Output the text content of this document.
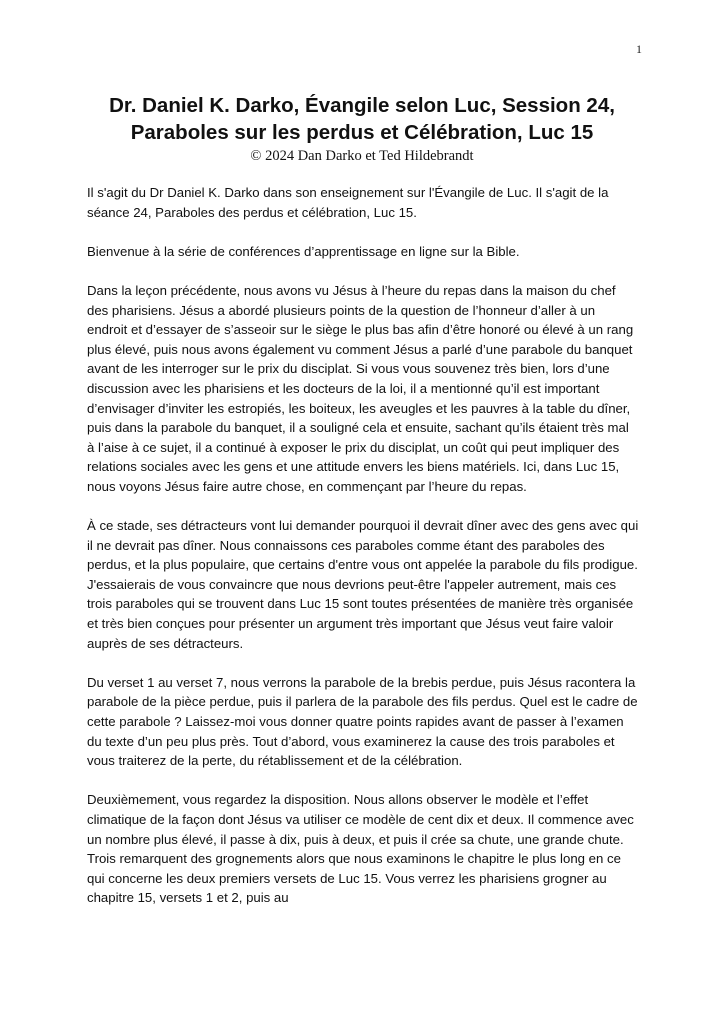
1
Dr. Daniel K. Darko, Évangile selon Luc, Session 24, Paraboles sur les perdus et Célébration, Luc 15

© 2024 Dan Darko et Ted Hildebrandt

Il s'agit du Dr Daniel K. Darko dans son enseignement sur l'Évangile de Luc. Il s'agit de la séance 24, Paraboles des perdus et célébration, Luc 15.

Bienvenue à la série de conférences d’apprentissage en ligne sur la Bible.

Dans la leçon précédente, nous avons vu Jésus à l’heure du repas dans la maison du chef des pharisiens. Jésus a abordé plusieurs points de la question de l’honneur d’aller à un endroit et d’essayer de s’asseoir sur le siège le plus bas afin d’être honoré ou élevé à un rang plus élevé, puis nous avons également vu comment Jésus a parlé d’une parabole du banquet avant de les interroger sur le prix du disciplat. Si vous vous souvenez très bien, lors d’une discussion avec les pharisiens et les docteurs de la loi, il a mentionné qu’il est important d’envisager d’inviter les estropiés, les boiteux, les aveugles et les pauvres à la table du dîner, puis dans la parabole du banquet, il a souligné cela et ensuite, sachant qu’ils étaient très mal à l’aise à ce sujet, il a continué à exposer le prix du disciplat, un coût qui peut impliquer des relations sociales avec les gens et une attitude envers les biens matériels. Ici, dans Luc 15, nous voyons Jésus faire autre chose, en commençant par l’heure du repas.

À ce stade, ses détracteurs vont lui demander pourquoi il devrait dîner avec des gens avec qui il ne devrait pas dîner. Nous connaissons ces paraboles comme étant des paraboles des perdus, et la plus populaire, que certains d'entre vous ont appelée la parabole du fils prodigue. J'essaierais de vous convaincre que nous devrions peut-être l'appeler autrement, mais ces trois paraboles qui se trouvent dans Luc 15 sont toutes présentées de manière très organisée et très bien conçues pour présenter un argument très important que Jésus veut faire valoir auprès de ses détracteurs.

Du verset 1 au verset 7, nous verrons la parabole de la brebis perdue, puis Jésus racontera la parabole de la pièce perdue, puis il parlera de la parabole des fils perdus. Quel est le cadre de cette parabole ? Laissez-moi vous donner quatre points rapides avant de passer à l’examen du texte d’un peu plus près. Tout d’abord, vous examinerez la cause des trois paraboles et vous traiterez de la perte, du rétablissement et de la célébration.

Deuxièmement, vous regardez la disposition. Nous allons observer le modèle et l’effet climatique de la façon dont Jésus va utiliser ce modèle de cent dix et deux. Il commence avec un nombre plus élevé, il passe à dix, puis à deux, et puis il crée sa chute, une grande chute. Trois remarquent des grognements alors que nous examinons le chapitre le plus long en ce qui concerne les deux premiers versets de Luc 15. Vous verrez les pharisiens grogner au chapitre 15, versets 1 et 2, puis au
